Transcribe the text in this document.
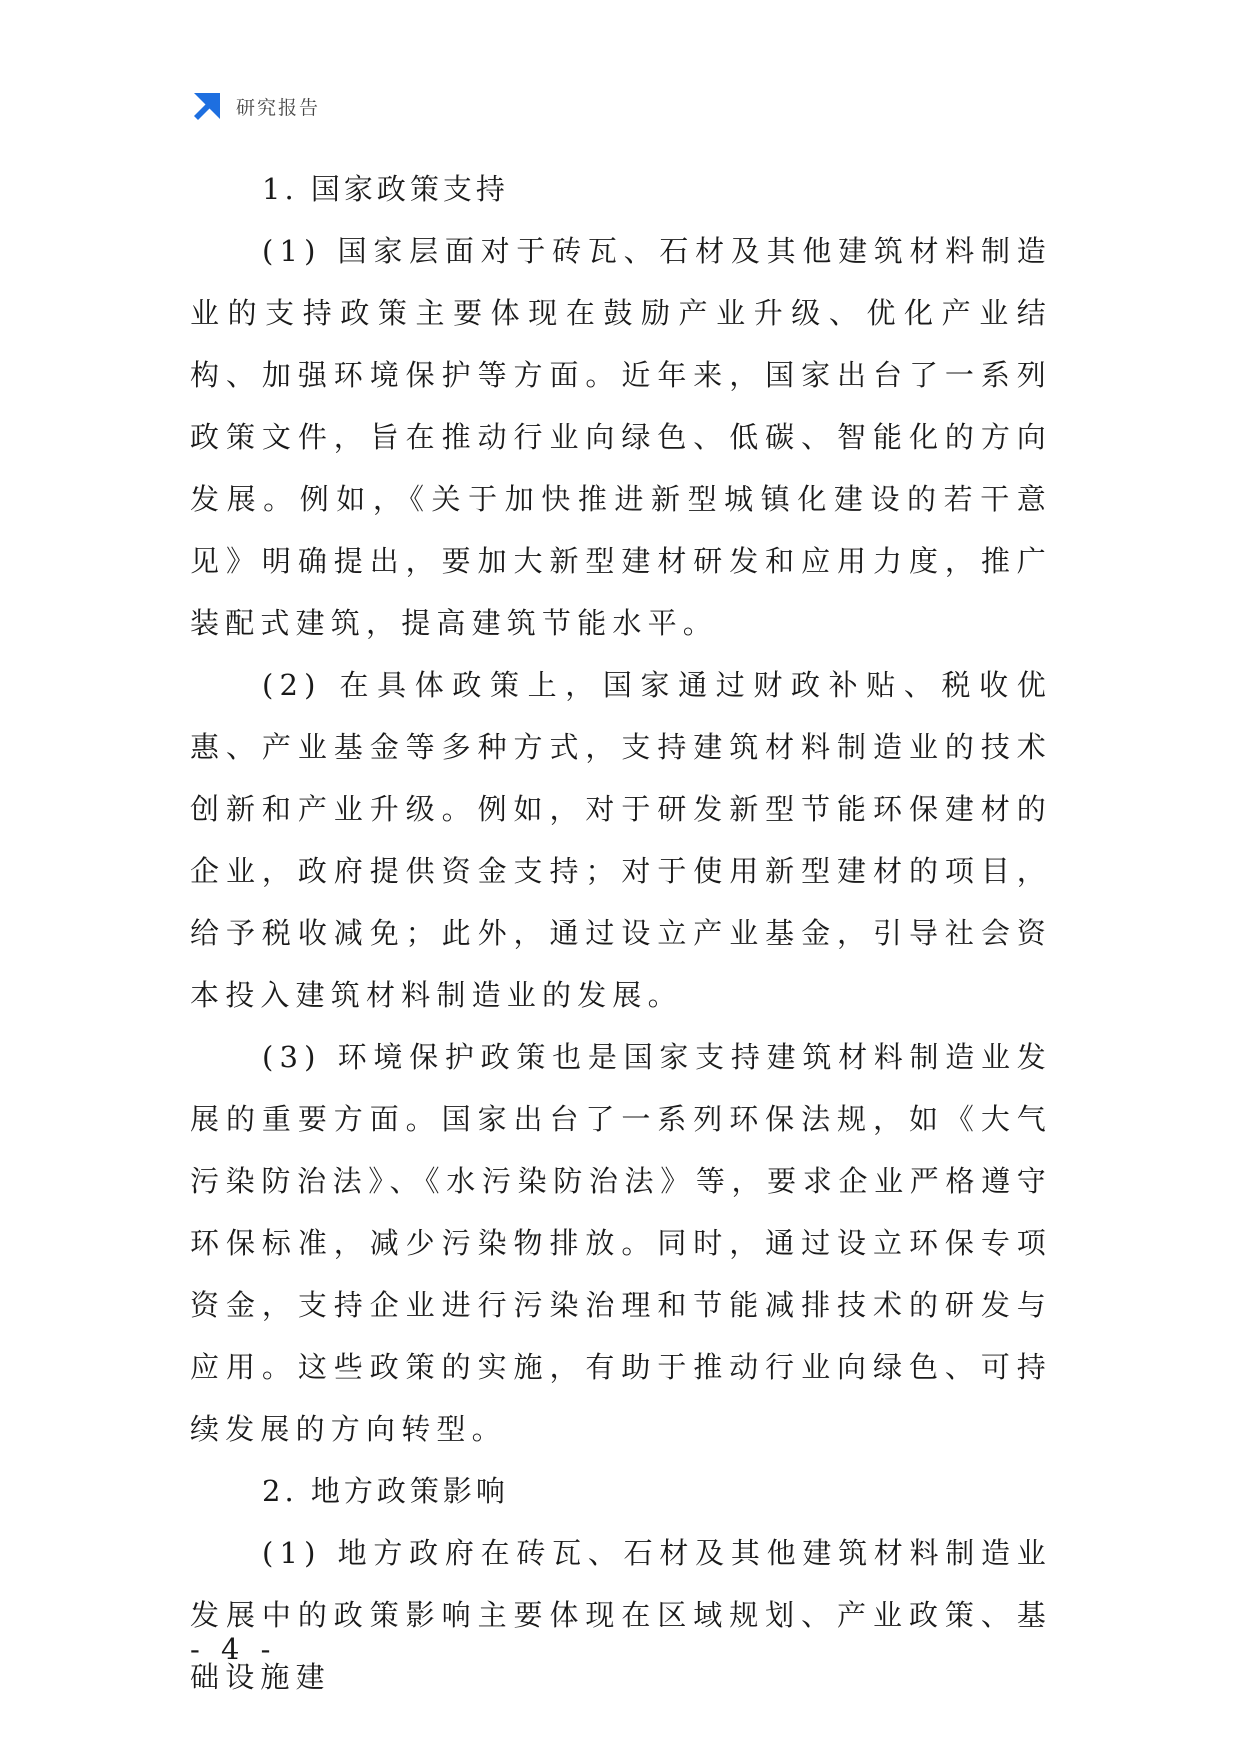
研究报告

1. 国家政策支持

(1) 国家层面对于砖瓦、石材及其他建筑材料制造业的支持政策主要体现在鼓励产业升级、优化产业结构、加强环境保护等方面。近年来，国家出台了一系列政策文件，旨在推动行业向绿色、低碳、智能化的方向发展。例如，《关于加快推进新型城镇化建设的若干意见》明确提出，要加大新型建材研发和应用力度，推广装配式建筑，提高建筑节能水平。

(2) 在具体政策上，国家通过财政补贴、税收优惠、产业基金等多种方式，支持建筑材料制造业的技术创新和产业升级。例如，对于研发新型节能环保建材的企业，政府提供资金支持；对于使用新型建材的项目，给予税收减免；此外，通过设立产业基金，引导社会资本投入建筑材料制造业的发展。

(3) 环境保护政策也是国家支持建筑材料制造业发展的重要方面。国家出台了一系列环保法规，如《大气污染防治法》、《水污染防治法》等，要求企业严格遵守环保标准，减少污染物排放。同时，通过设立环保专项资金，支持企业进行污染治理和节能减排技术的研发与应用。这些政策的实施，有助于推动行业向绿色、可持续发展的方向转型。

2. 地方政策影响

(1) 地方政府在砖瓦、石材及其他建筑材料制造业发展中的政策影响主要体现在区域规划、产业政策、基础设施建

- 4 -
